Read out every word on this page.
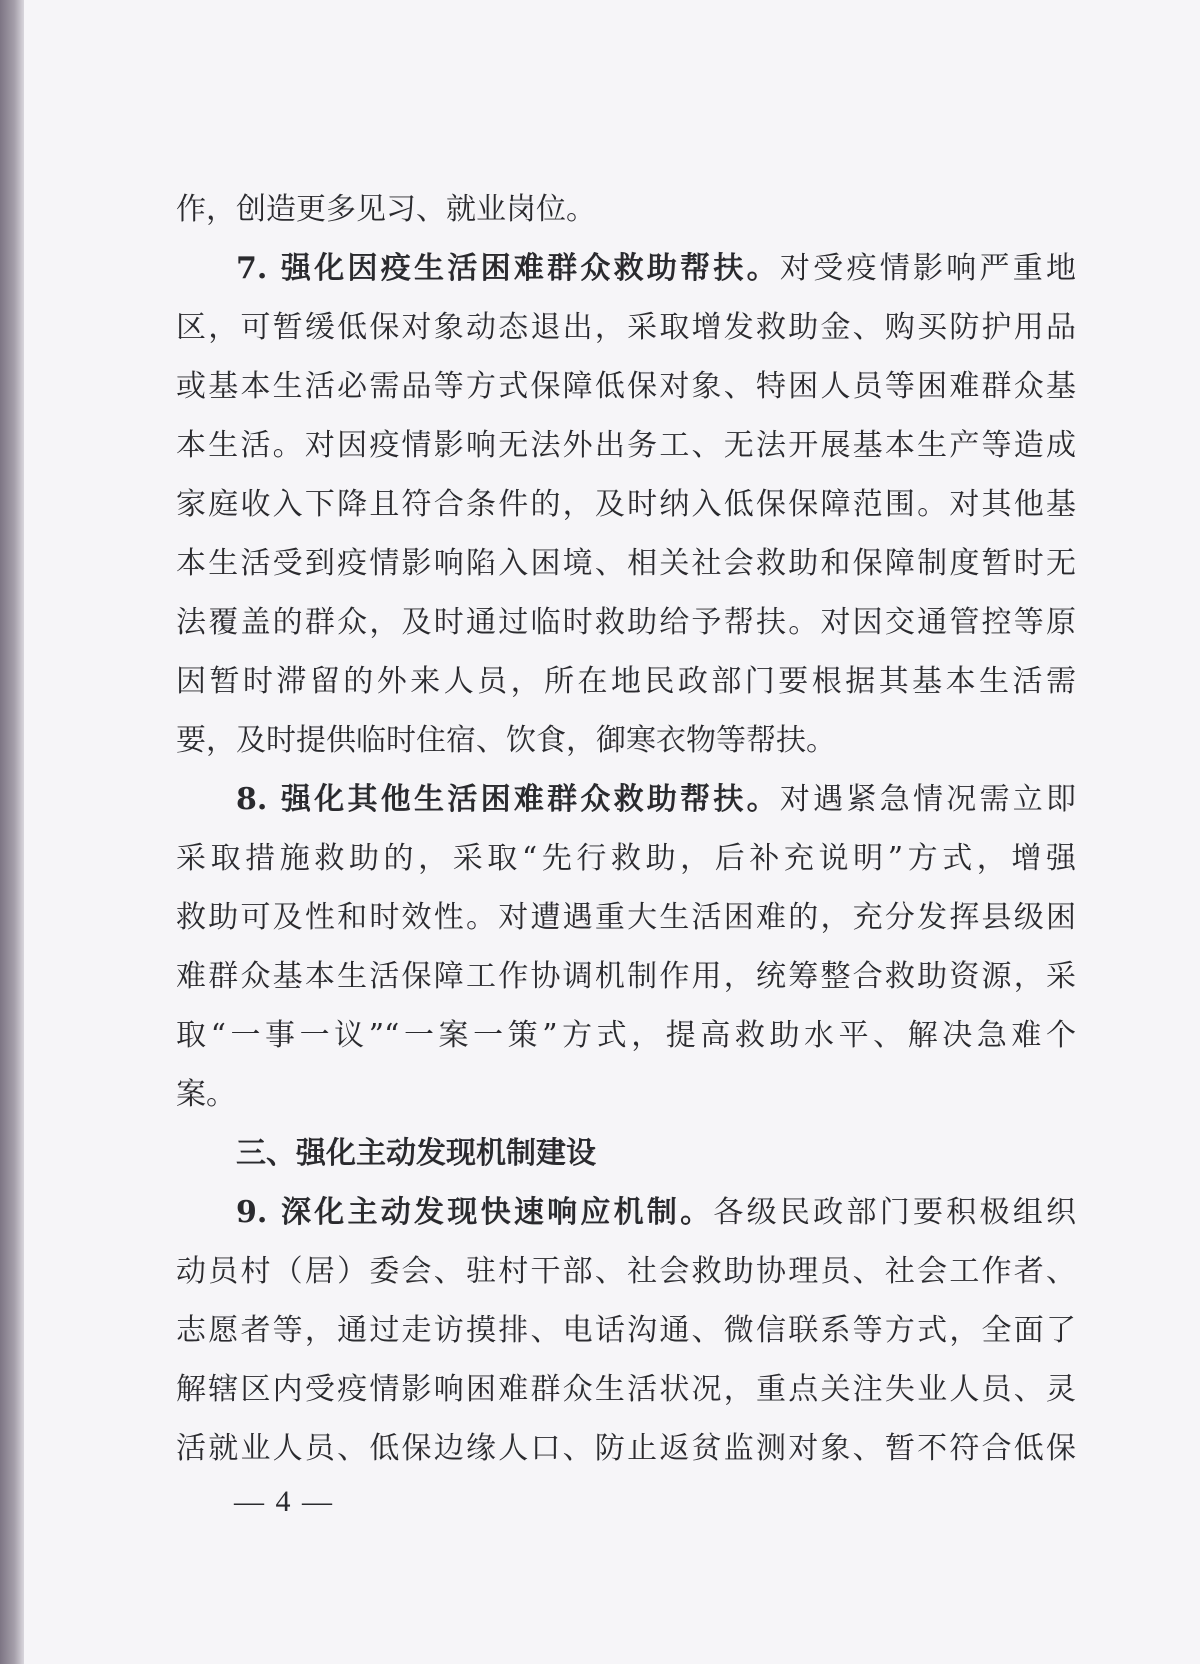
作，创造更多见习、就业岗位。
7. 强化因疫生活困难群众救助帮扶。对受疫情影响严重地
区，可暂缓低保对象动态退出，采取增发救助金、购买防护用品
或基本生活必需品等方式保障低保对象、特困人员等困难群众基
本生活。对因疫情影响无法外出务工、无法开展基本生产等造成
家庭收入下降且符合条件的，及时纳入低保保障范围。对其他基
本生活受到疫情影响陷入困境、相关社会救助和保障制度暂时无
法覆盖的群众，及时通过临时救助给予帮扶。对因交通管控等原
因暂时滞留的外来人员，所在地民政部门要根据其基本生活需
要，及时提供临时住宿、饮食，御寒衣物等帮扶。
8. 强化其他生活困难群众救助帮扶。对遇紧急情况需立即
采取措施救助的，采取“先行救助，后补充说明”方式，增强
救助可及性和时效性。对遭遇重大生活困难的，充分发挥县级困
难群众基本生活保障工作协调机制作用，统筹整合救助资源，采
取“一事一议”“一案一策”方式，提高救助水平、解决急难个
案。
三、强化主动发现机制建设
9. 深化主动发现快速响应机制。各级民政部门要积极组织
动员村（居）委会、驻村干部、社会救助协理员、社会工作者、
志愿者等，通过走访摸排、电话沟通、微信联系等方式，全面了
解辖区内受疫情影响困难群众生活状况，重点关注失业人员、灵
活就业人员、低保边缘人口、防止返贫监测对象、暂不符合低保
— 4 —
